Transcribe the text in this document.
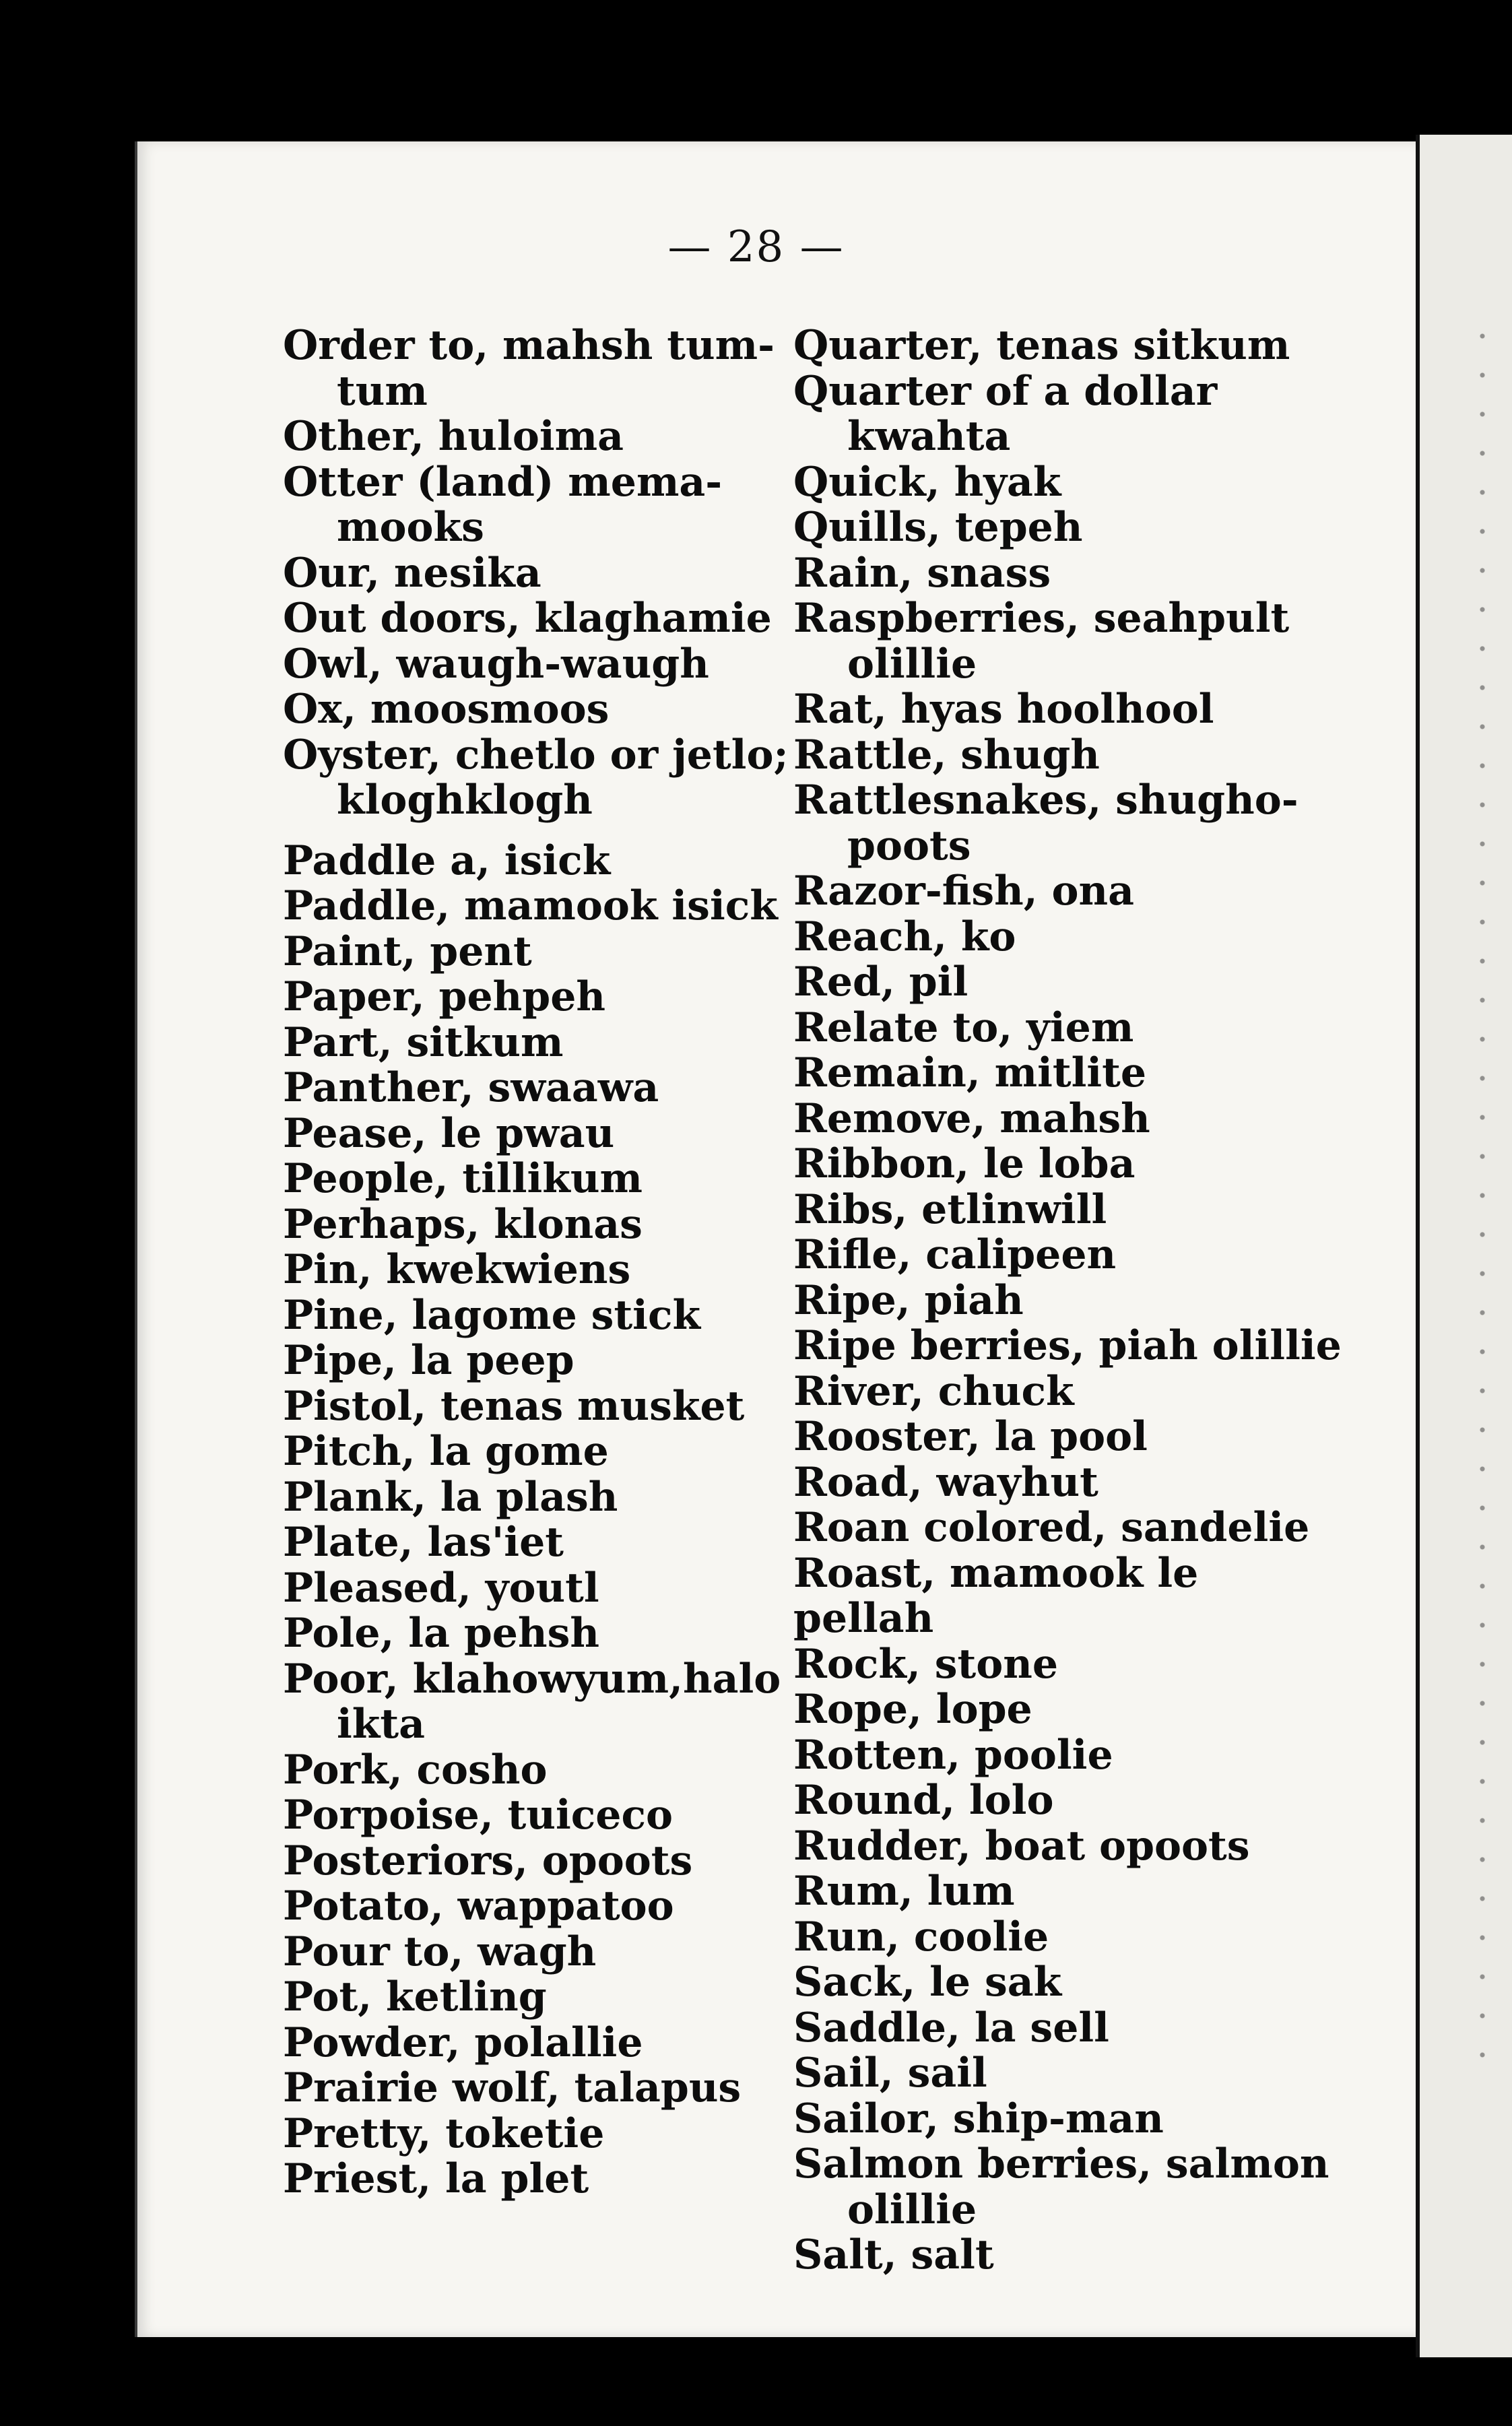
— 28 —
Order to, mahsh tum-
tum
Other, huloima
Otter (land) mema-
mooks
Our, nesika
Out doors, klaghamie
Owl, waugh-waugh
Ox, moosmoos
Oyster, chetlo or jetlo;
kloghklogh
Paddle a, isick
Paddle, mamook isick
Paint, pent
Paper, pehpeh
Part, sitkum
Panther, swaawa
Pease, le pwau
People, tillikum
Perhaps, klonas
Pin, kwekwiens
Pine, lagome stick
Pipe, la peep
Pistol, tenas musket
Pitch, la gome
Plank, la plash
Plate, las'iet
Pleased, youtl
Pole, la pehsh
Poor, klahowyum,halo
ikta
Pork, cosho
Porpoise, tuiceco
Posteriors, opoots
Potato, wappatoo
Pour to, wagh
Pot, ketling
Powder, polallie
Prairie wolf, talapus
Pretty, toketie
Priest, la plet
Quarter, tenas sitkum
Quarter of a dollar
kwahta
Quick, hyak
Quills, tepeh
Rain, snass
Raspberries, seahpult
olillie
Rat, hyas hoolhool
Rattle, shugh
Rattlesnakes, shugho-
poots
Razor-fish, ona
Reach, ko
Red, pil
Relate to, yiem
Remain, mitlite
Remove, mahsh
Ribbon, le loba
Ribs, etlinwill
Rifle, calipeen
Ripe, piah
Ripe berries, piah olillie
River, chuck
Rooster, la pool
Road, wayhut
Roan colored, sandelie
Roast, mamook le pellah
Rock, stone
Rope, lope
Rotten, poolie
Round, lolo
Rudder, boat opoots
Rum, lum
Run, coolie
Sack, le sak
Saddle, la sell
Sail, sail
Sailor, ship-man
Salmon berries, salmon
olillie
Salt, salt
